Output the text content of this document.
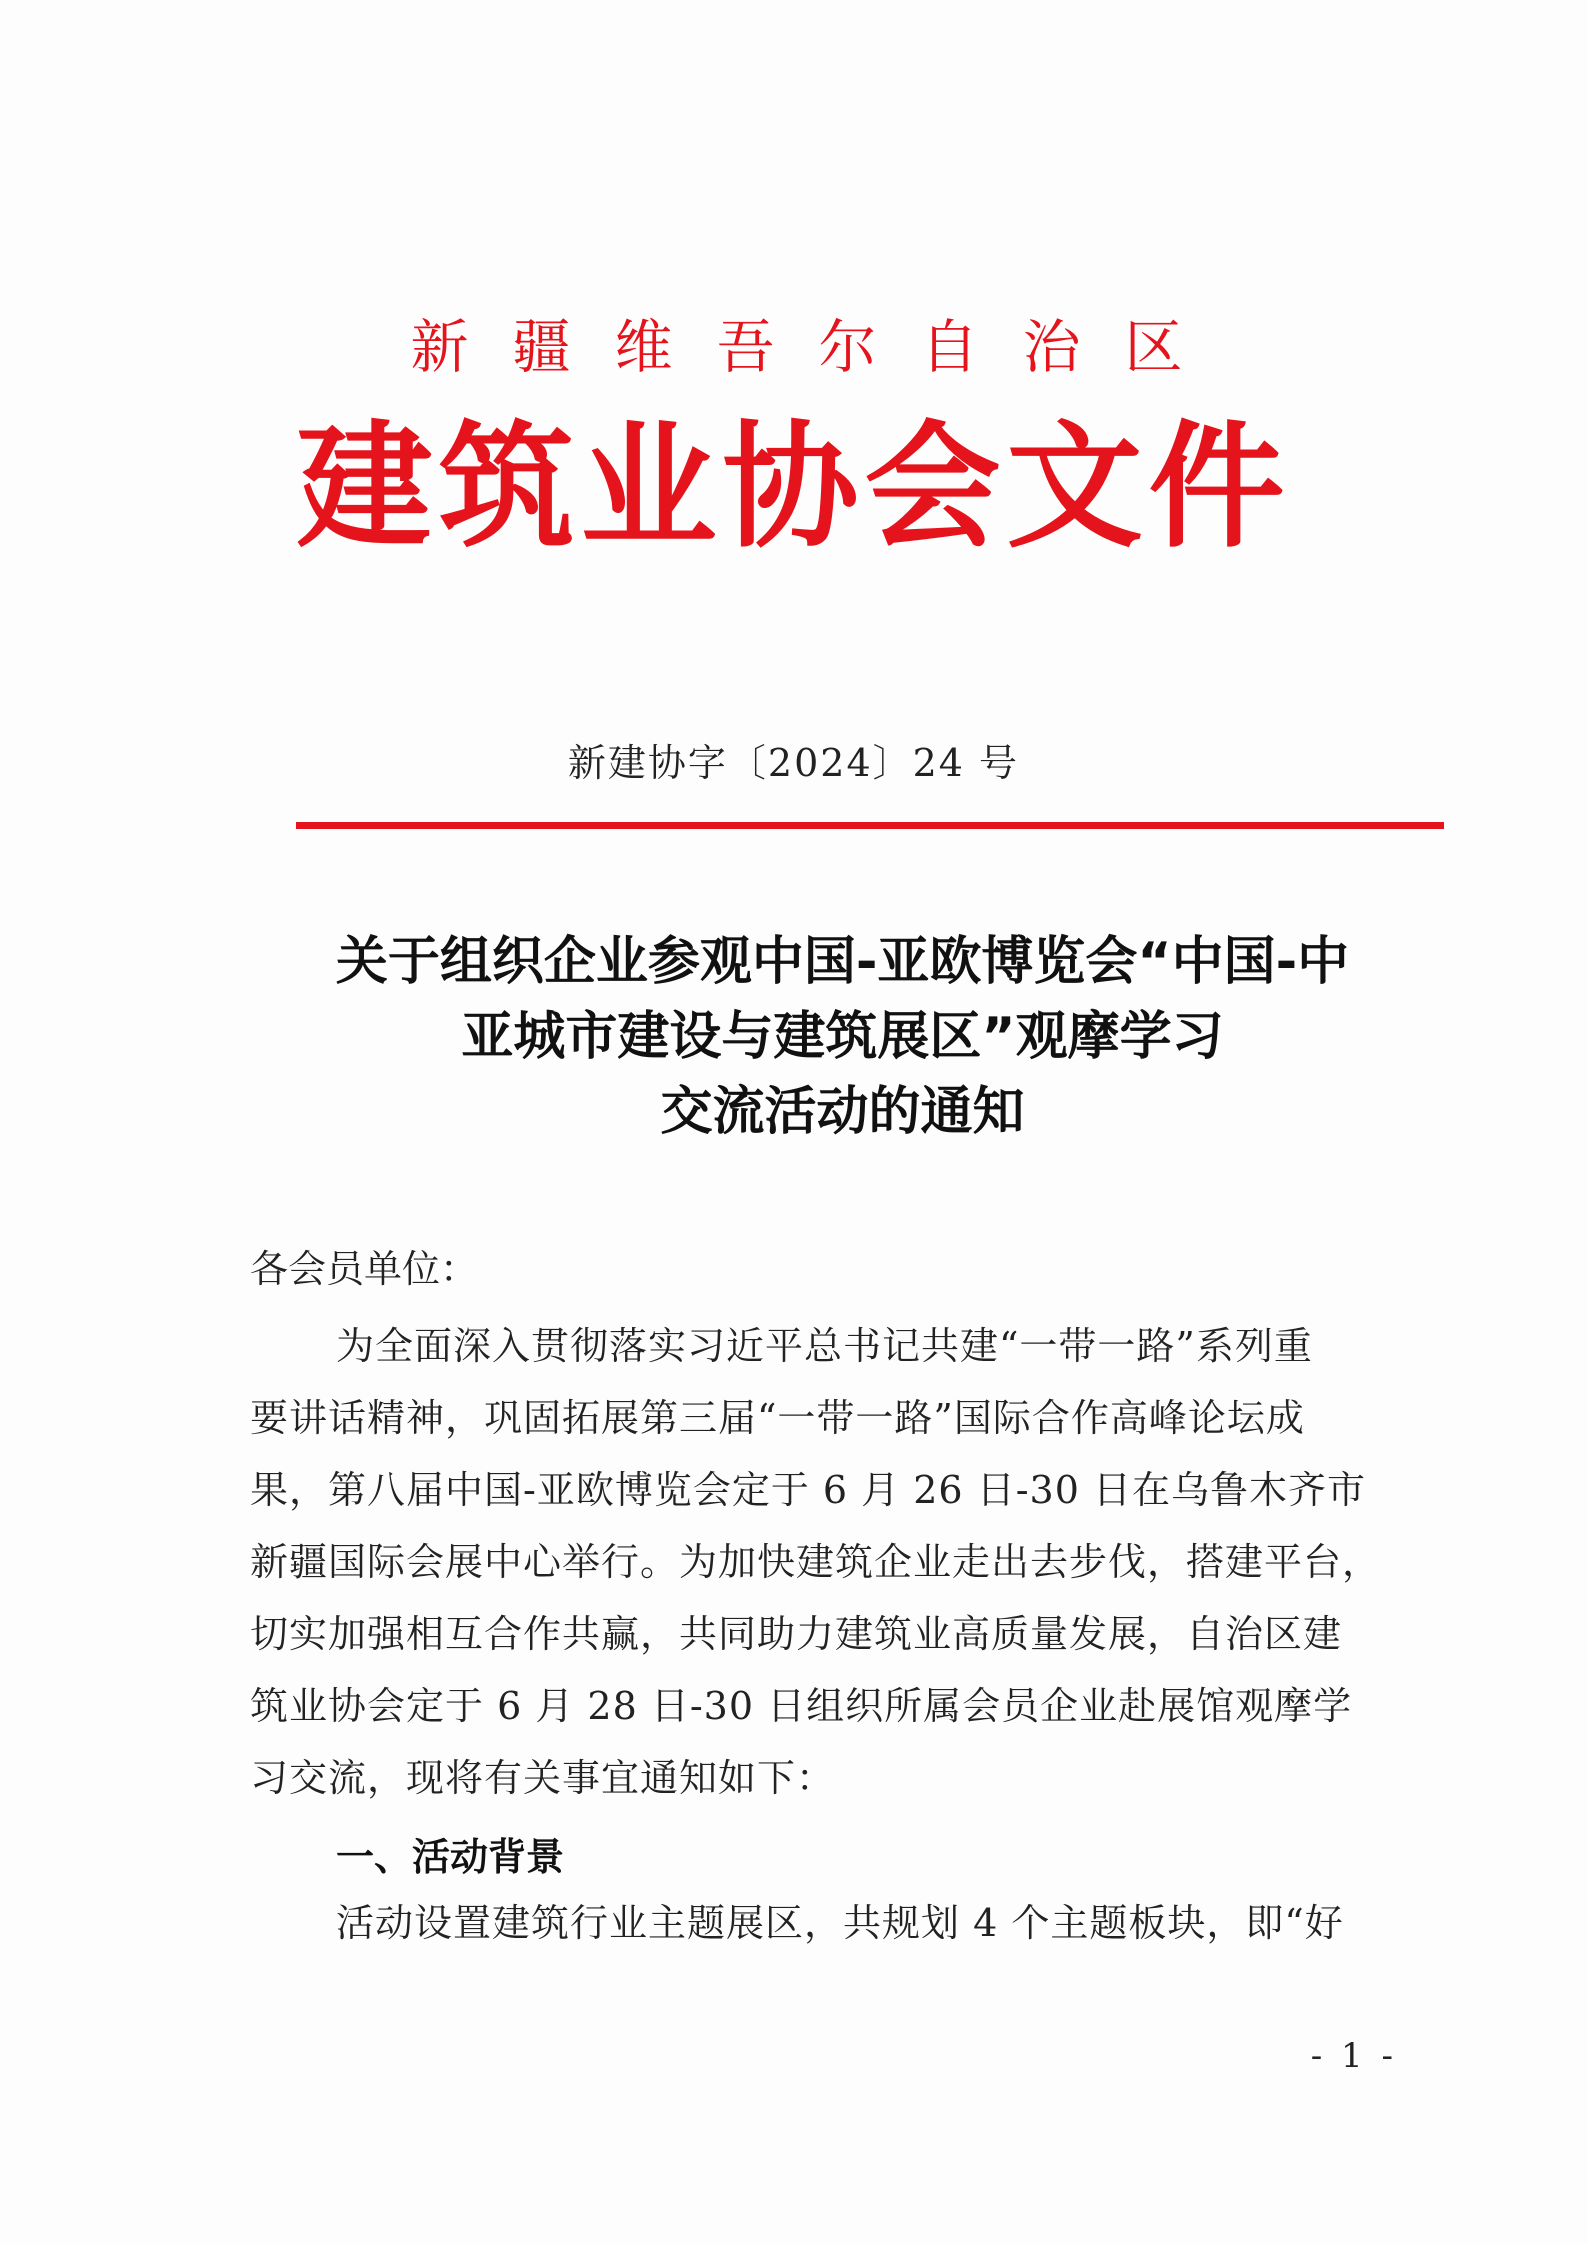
新疆维吾尔自治区
建筑业协会文件
新建协字〔2024〕24 号
关于组织企业参观中国-亚欧博览会“中国-中
亚城市建设与建筑展区”观摩学习
交流活动的通知
各会员单位：
为全面深入贯彻落实习近平总书记共建“一带一路”系列重
要讲话精神，巩固拓展第三届“一带一路”国际合作高峰论坛成
果，第八届中国-亚欧博览会定于 6 月 26 日-30 日在乌鲁木齐市
新疆国际会展中心举行。为加快建筑企业走出去步伐，搭建平台，
切实加强相互合作共赢，共同助力建筑业高质量发展，自治区建
筑业协会定于 6 月 28 日-30 日组织所属会员企业赴展馆观摩学
习交流，现将有关事宜通知如下：
一、活动背景
活动设置建筑行业主题展区，共规划 4 个主题板块，即“好
- 1 -
